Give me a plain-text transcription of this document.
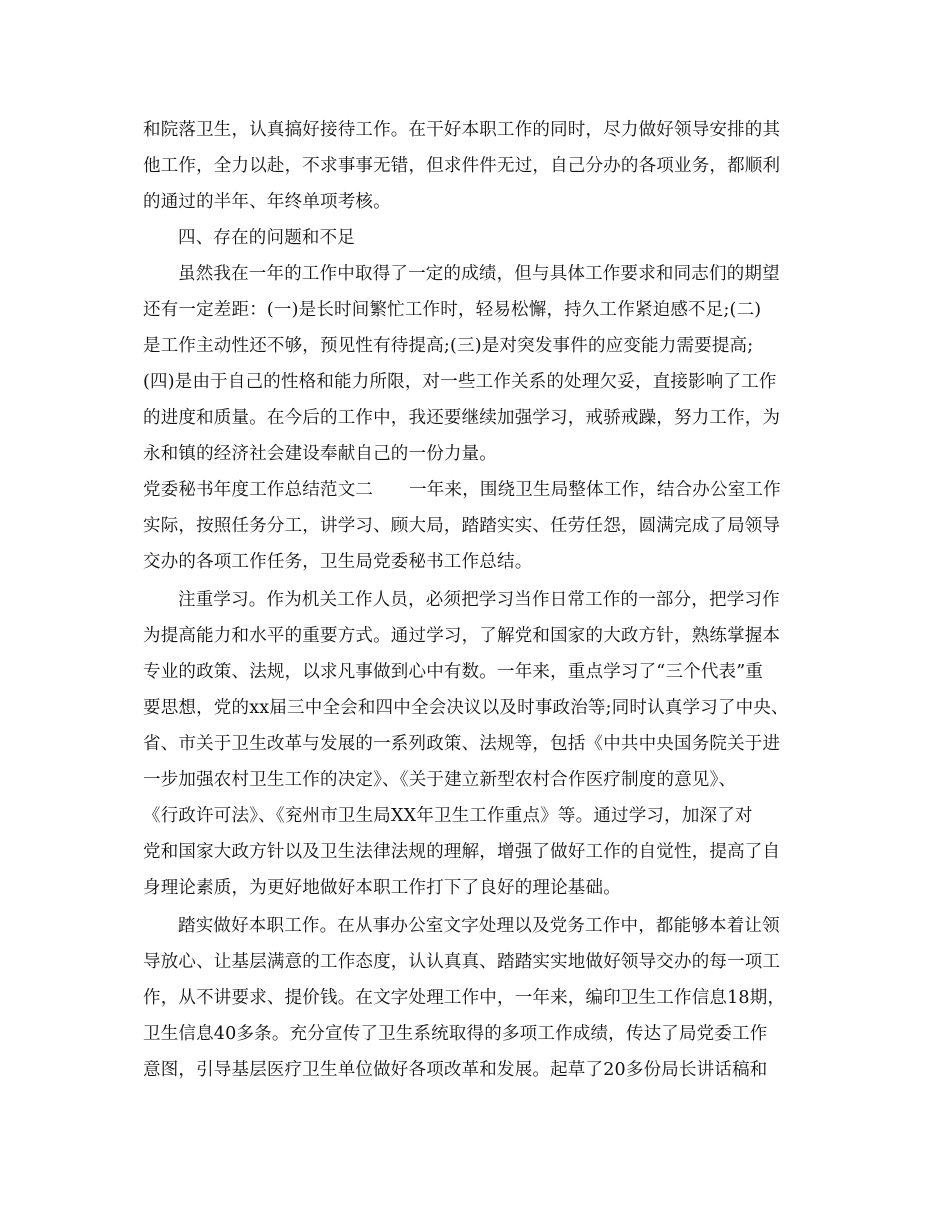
和院落卫生，认真搞好接待工作。在干好本职工作的同时，尽力做好领导安排的其
他工作，全力以赴，不求事事无错，但求件件无过，自己分办的各项业务，都顺利
的通过的半年、年终单项考核。
四、存在的问题和不足
虽然我在一年的工作中取得了一定的成绩，但与具体工作要求和同志们的期望
还有一定差距：(一)是长时间繁忙工作时，轻易松懈，持久工作紧迫感不足;(二)
是工作主动性还不够，预见性有待提高;(三)是对突发事件的应变能力需要提高;
(四)是由于自己的性格和能力所限，对一些工作关系的处理欠妥，直接影响了工作
的进度和质量。在今后的工作中，我还要继续加强学习，戒骄戒躁，努力工作，为
永和镇的经济社会建设奉献自己的一份力量。
党委秘书年度工作总结范文二 一年来，围绕卫生局整体工作，结合办公室工作
实际，按照任务分工，讲学习、顾大局，踏踏实实、任劳任怨，圆满完成了局领导
交办的各项工作任务，卫生局党委秘书工作总结。
注重学习。作为机关工作人员，必须把学习当作日常工作的一部分，把学习作
为提高能力和水平的重要方式。通过学习，了解党和国家的大政方针，熟练掌握本
专业的政策、法规，以求凡事做到心中有数。一年来，重点学习了“三个代表”重
要思想，党的xx届三中全会和四中全会决议以及时事政治等;同时认真学习了中央、
省、市关于卫生改革与发展的一系列政策、法规等，包括《中共中央国务院关于进
一步加强农村卫生工作的决定》、《关于建立新型农村合作医疗制度的意见》、
《行政许可法》、《兖州市卫生局XX年卫生工作重点》等。通过学习，加深了对
党和国家大政方针以及卫生法律法规的理解，增强了做好工作的自觉性，提高了自
身理论素质，为更好地做好本职工作打下了良好的理论基础。
踏实做好本职工作。在从事办公室文字处理以及党务工作中，都能够本着让领
导放心、让基层满意的工作态度，认认真真、踏踏实实地做好领导交办的每一项工
作，从不讲要求、提价钱。在文字处理工作中，一年来，编印卫生工作信息18期，
卫生信息40多条。充分宣传了卫生系统取得的多项工作成绩，传达了局党委工作
意图，引导基层医疗卫生单位做好各项改革和发展。起草了20多份局长讲话稿和
